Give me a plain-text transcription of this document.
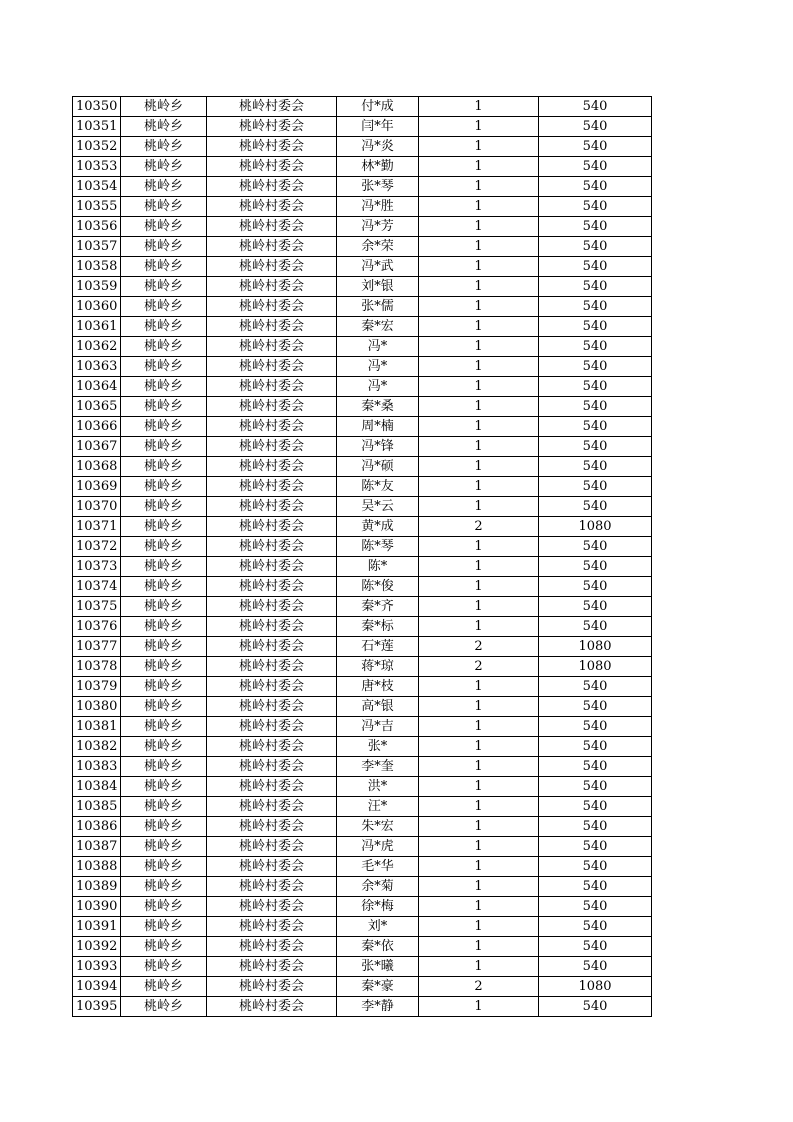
10350	桃岭乡	桃岭村委会	付*成	1	540
10351	桃岭乡	桃岭村委会	闫*年	1	540
10352	桃岭乡	桃岭村委会	冯*炎	1	540
10353	桃岭乡	桃岭村委会	林*勤	1	540
10354	桃岭乡	桃岭村委会	张*琴	1	540
10355	桃岭乡	桃岭村委会	冯*胜	1	540
10356	桃岭乡	桃岭村委会	冯*芳	1	540
10357	桃岭乡	桃岭村委会	余*荣	1	540
10358	桃岭乡	桃岭村委会	冯*武	1	540
10359	桃岭乡	桃岭村委会	刘*银	1	540
10360	桃岭乡	桃岭村委会	张*儒	1	540
10361	桃岭乡	桃岭村委会	秦*宏	1	540
10362	桃岭乡	桃岭村委会	冯*	1	540
10363	桃岭乡	桃岭村委会	冯*	1	540
10364	桃岭乡	桃岭村委会	冯*	1	540
10365	桃岭乡	桃岭村委会	秦*桑	1	540
10366	桃岭乡	桃岭村委会	周*楠	1	540
10367	桃岭乡	桃岭村委会	冯*锋	1	540
10368	桃岭乡	桃岭村委会	冯*硕	1	540
10369	桃岭乡	桃岭村委会	陈*友	1	540
10370	桃岭乡	桃岭村委会	吴*云	1	540
10371	桃岭乡	桃岭村委会	黄*成	2	1080
10372	桃岭乡	桃岭村委会	陈*琴	1	540
10373	桃岭乡	桃岭村委会	陈*	1	540
10374	桃岭乡	桃岭村委会	陈*俊	1	540
10375	桃岭乡	桃岭村委会	秦*齐	1	540
10376	桃岭乡	桃岭村委会	秦*标	1	540
10377	桃岭乡	桃岭村委会	石*莲	2	1080
10378	桃岭乡	桃岭村委会	蒋*琼	2	1080
10379	桃岭乡	桃岭村委会	唐*枝	1	540
10380	桃岭乡	桃岭村委会	高*银	1	540
10381	桃岭乡	桃岭村委会	冯*吉	1	540
10382	桃岭乡	桃岭村委会	张*	1	540
10383	桃岭乡	桃岭村委会	李*奎	1	540
10384	桃岭乡	桃岭村委会	洪*	1	540
10385	桃岭乡	桃岭村委会	汪*	1	540
10386	桃岭乡	桃岭村委会	朱*宏	1	540
10387	桃岭乡	桃岭村委会	冯*虎	1	540
10388	桃岭乡	桃岭村委会	毛*华	1	540
10389	桃岭乡	桃岭村委会	余*菊	1	540
10390	桃岭乡	桃岭村委会	徐*梅	1	540
10391	桃岭乡	桃岭村委会	刘*	1	540
10392	桃岭乡	桃岭村委会	秦*依	1	540
10393	桃岭乡	桃岭村委会	张*曦	1	540
10394	桃岭乡	桃岭村委会	秦*豪	2	1080
10395	桃岭乡	桃岭村委会	李*静	1	540
